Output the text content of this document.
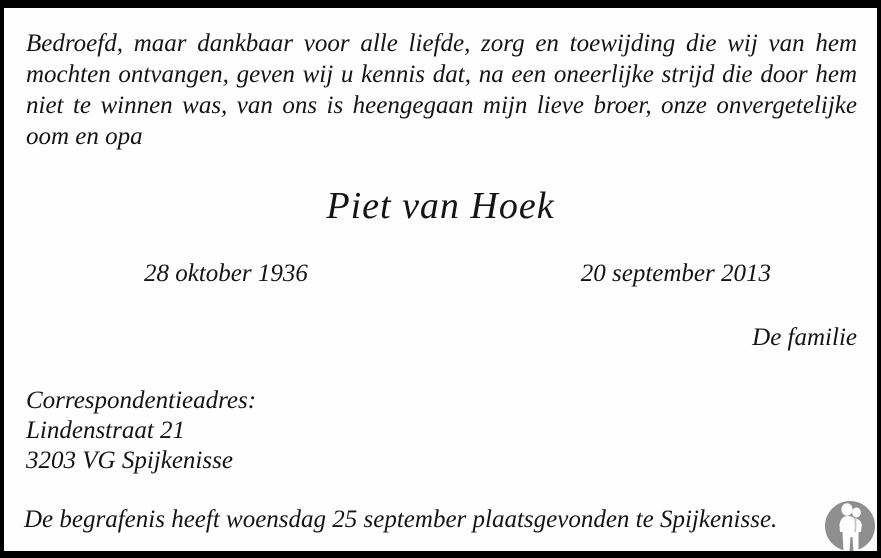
Bedroefd, maar dankbaar voor alle liefde, zorg en toewijding die wij van hem mochten ontvangen, geven wij u kennis dat, na een oneerlijke strijd die door hem niet te winnen was, van ons is heengegaan mijn lieve broer, onze onvergetelijke oom en opa

Piet van Hoek
28 oktober 1936	20 september 2013

De familie

Correspondentieadres:
Lindenstraat 21
3203 VG Spijkenisse

De begrafenis heeft woensdag 25 september plaatsgevonden te Spijkenisse.
